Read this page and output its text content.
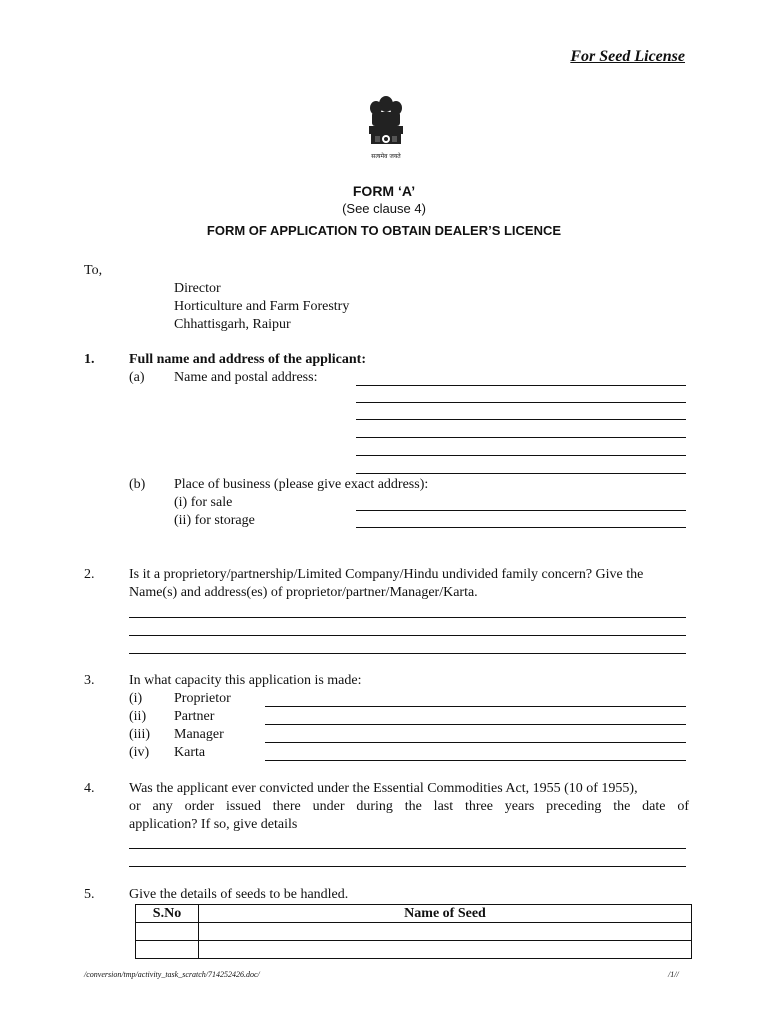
For Seed License
सत्यमेव जयते
FORM ‘A’
(See clause 4)
FORM OF APPLICATION TO OBTAIN DEALER’S LICENCE
To,
Director
Horticulture and Farm Forestry
Chhattisgarh, Raipur
1. Full name and address of the applicant:
(a) Name and postal address:
(b) Place of business (please give exact address):
(i) for sale
(ii) for storage
2. Is it a proprietory/partnership/Limited Company/Hindu undivided family concern? Give the
Name(s) and address(es) of proprietor/partner/Manager/Karta.
3. In what capacity this application is made:
(i) Proprietor
(ii) Partner
(iii) Manager
(iv) Karta
4. Was the applicant ever convicted under the Essential Commodities Act, 1955 (10 of 1955),
or any order issued there under during the last three years preceding the date of
application? If so, give details
5. Give the details of seeds to be handled.
S.No	Name of Seed

/conversion/tmp/activity_task_scratch/714252426.doc/	/1//
